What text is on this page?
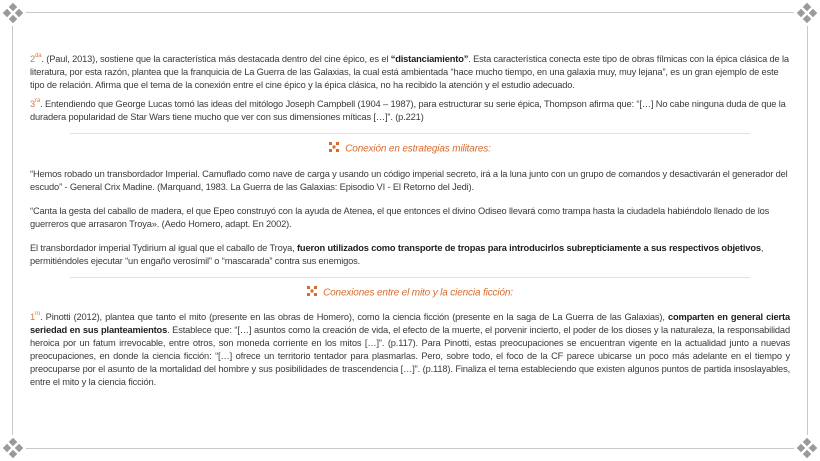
$2^{da}$. (Paul, 2013), sostiene que la característica más destacada dentro del cine épico, es el “distanciamiento”. Esta característica conecta este tipo de obras fílmicas con la épica clásica de la literatura, por esta razón, plantea que la franquicia de La Guerra de las Galaxias, la cual está ambientada “hace mucho tiempo, en una galaxia muy, muy lejana”, es un gran ejemplo de este tipo de relación. Afirma que el tema de la conexión entre el cine épico y la épica clásica, no ha recibido la atención y el estudio adecuado.

$3^{ra}$. Entendiendo que George Lucas tomó las ideas del mitólogo Joseph Campbell (1904 – 1987), para estructurar su serie épica, Thompson afirma que: “[…] No cabe ninguna duda de que la duradera popularidad de Star Wars tiene mucho que ver con sus dimensiones míticas […]”. (p.221)

Conexión en estrategias militares:

“Hemos robado un transbordador Imperial. Camuflado como nave de carga y usando un código imperial secreto, irá a la luna junto con un grupo de comandos y desactivarán el generador del escudo” - General Crix Madine. (Marquand, 1983. La Guerra de las Galaxias: Episodio VI - El Retorno del Jedi).

“Canta la gesta del caballo de madera, el que Epeo construyó con la ayuda de Atenea, el que entonces el divino Odiseo llevará como trampa hasta la ciudadela habiéndolo llenado de los guerreros que arrasaron Troya». (Aedo Homero, adapt. En 2002).

El transbordador imperial Tydirium al igual que el caballo de Troya, fueron utilizados como transporte de tropas para introducirlos subrepticiamente a sus respectivos objetivos, permitiéndoles ejecutar “un engaño verosímil” o “mascarada” contra sus enemigos.

Conexiones entre el mito y la ciencia ficción:

$1^{ro}$. Pinotti (2012), plantea que tanto el mito (presente en las obras de Homero), como la ciencia ficción (presente en la saga de La Guerra de las Galaxias), comparten en general cierta seriedad en sus planteamientos. Establece que: “[…] asuntos como la creación de vida, el efecto de la muerte, el porvenir incierto, el poder de los dioses y la naturaleza, la responsabilidad heroica por un fatum irrevocable, entre otros, son moneda corriente en los mitos […]”. (p.117). Para Pinotti, estas preocupaciones se encuentran vigente en la actualidad junto a nuevas preocupaciones, en donde la ciencia ficción: “[…] ofrece un territorio tentador para plasmarlas. Pero, sobre todo, el foco de la CF parece ubicarse un poco más adelante en el tiempo y preocuparse por el asunto de la mortalidad del hombre y sus posibilidades de trascendencia […]”. (p.118). Finaliza el tema estableciendo que existen algunos puntos de partida insoslayables, entre el mito y la ciencia ficción.
